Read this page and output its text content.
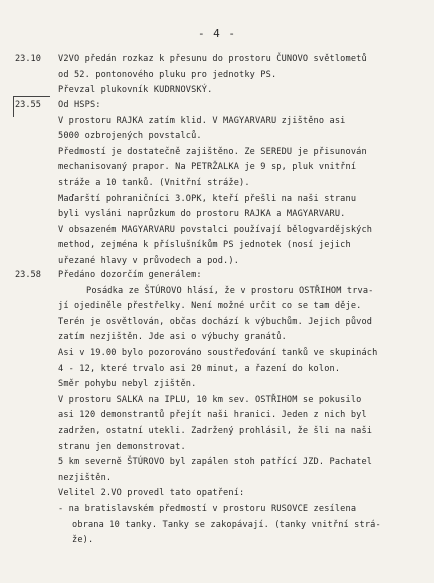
- 4 -
23.10 V2VO předán rozkaz k přesunu do prostoru ČUNOVO světlometů
od 52. pontonového pluku pro jednotky PS.
Převzal plukovník KUDRNOVSKÝ.
23.55 Od HSPS:
V prostoru RAJKA zatím klid. V MAGYARVARU zjištěno asi
5000 ozbrojených povstalců.
Předmostí je dostatečně zajištěno. Ze SEREDU je přisunován
mechanisovaný prapor. Na PETRŽALKA je 9 sp, pluk vnitřní
stráže a 10 tanků. (Vnitřní stráže).
Maďarští pohraničníci 3.OPK, kteří přešli na naši stranu
byli vysláni naprůzkum do prostoru RAJKA a MAGYARVARU.
V obsazeném MAGYARVARU povstalci používají bělogvardějských
method, zejména k příslušníkům PS jednotek (nosí jejich
uřezané hlavy v průvodech a pod.).
23.58 Předáno dozorčím generálem:
Posádka ze ŠTÚROVO hlásí, že v prostoru OSTŘIHOM trva-
jí ojediněle přestřelky. Není možné určit co se tam děje.
Terén je osvětlován, občas dochází k výbuchům. Jejich původ
zatím nezjištěn. Jde asi o výbuchy granátů.
Asi v 19.00 bylo pozorováno soustřeďování tanků ve skupinách
4 - 12, které trvalo asi 20 minut, a řazení do kolon.
Směr pohybu nebyl zjištěn.
V prostoru SALKA na IPLU, 10 km sev. OSTŘIHOM se pokusilo
asi 120 demonstrantů přejít naši hranici. Jeden z nich byl
zadržen, ostatní utekli. Zadržený prohlásil, že šli na naši
stranu jen demonstrovat.
5 km severně ŠTÚROVO byl zapálen stoh patřící JZD. Pachatel
nezjištěn.
Velitel 2.VO provedl tato opatření:
- na bratislavském předmostí v prostoru RUSOVCE zesílena
obrana 10 tanky. Tanky se zakopávají. (tanky vnitřní strá-
že).
